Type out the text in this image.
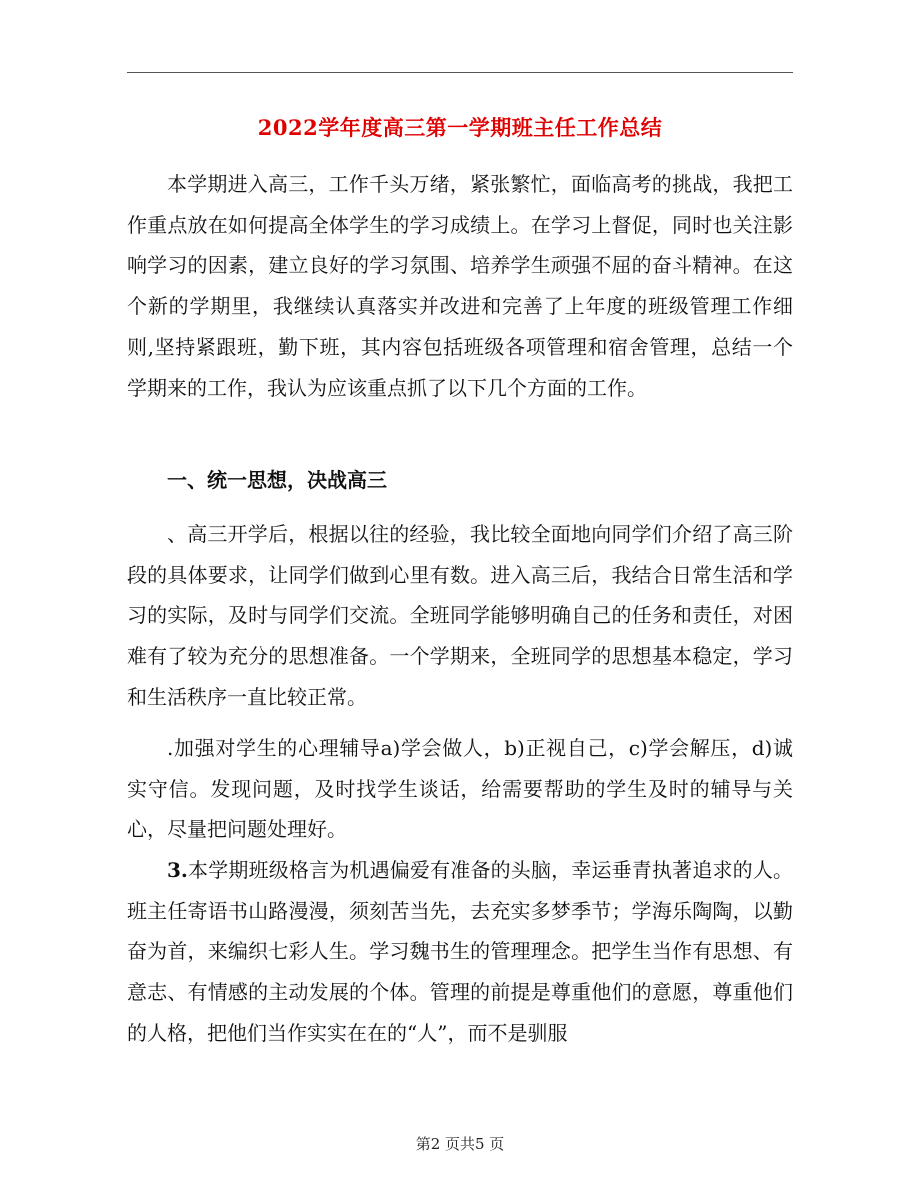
2022学年度高三第一学期班主任工作总结

本学期进入高三，工作千头万绪，紧张繁忙，面临高考的挑战，我把工作重点放在如何提高全体学生的学习成绩上。在学习上督促，同时也关注影响学习的因素，建立良好的学习氛围、培养学生顽强不屈的奋斗精神。在这个新的学期里，我继续认真落实并改进和完善了上年度的班级管理工作细则,坚持紧跟班，勤下班，其内容包括班级各项管理和宿舍管理，总结一个学期来的工作，我认为应该重点抓了以下几个方面的工作。

一、统一思想，决战高三

、高三开学后，根据以往的经验，我比较全面地向同学们介绍了高三阶段的具体要求，让同学们做到心里有数。进入高三后，我结合日常生活和学习的实际，及时与同学们交流。全班同学能够明确自己的任务和责任，对困难有了较为充分的思想准备。一个学期来，全班同学的思想基本稳定，学习和生活秩序一直比较正常。

.加强对学生的心理辅导a)学会做人，b)正视自己，c)学会解压，d)诚实守信。发现问题，及时找学生谈话，给需要帮助的学生及时的辅导与关心，尽量把问题处理好。

3.本学期班级格言为机遇偏爱有准备的头脑，幸运垂青执著追求的人。班主任寄语书山路漫漫，须刻苦当先，去充实多梦季节；学海乐陶陶，以勤奋为首，来编织七彩人生。学习魏书生的管理理念。把学生当作有思想、有意志、有情感的主动发展的个体。管理的前提是尊重他们的意愿，尊重他们的人格，把他们当作实实在在的“人”，而不是驯服

第2 页共5 页
